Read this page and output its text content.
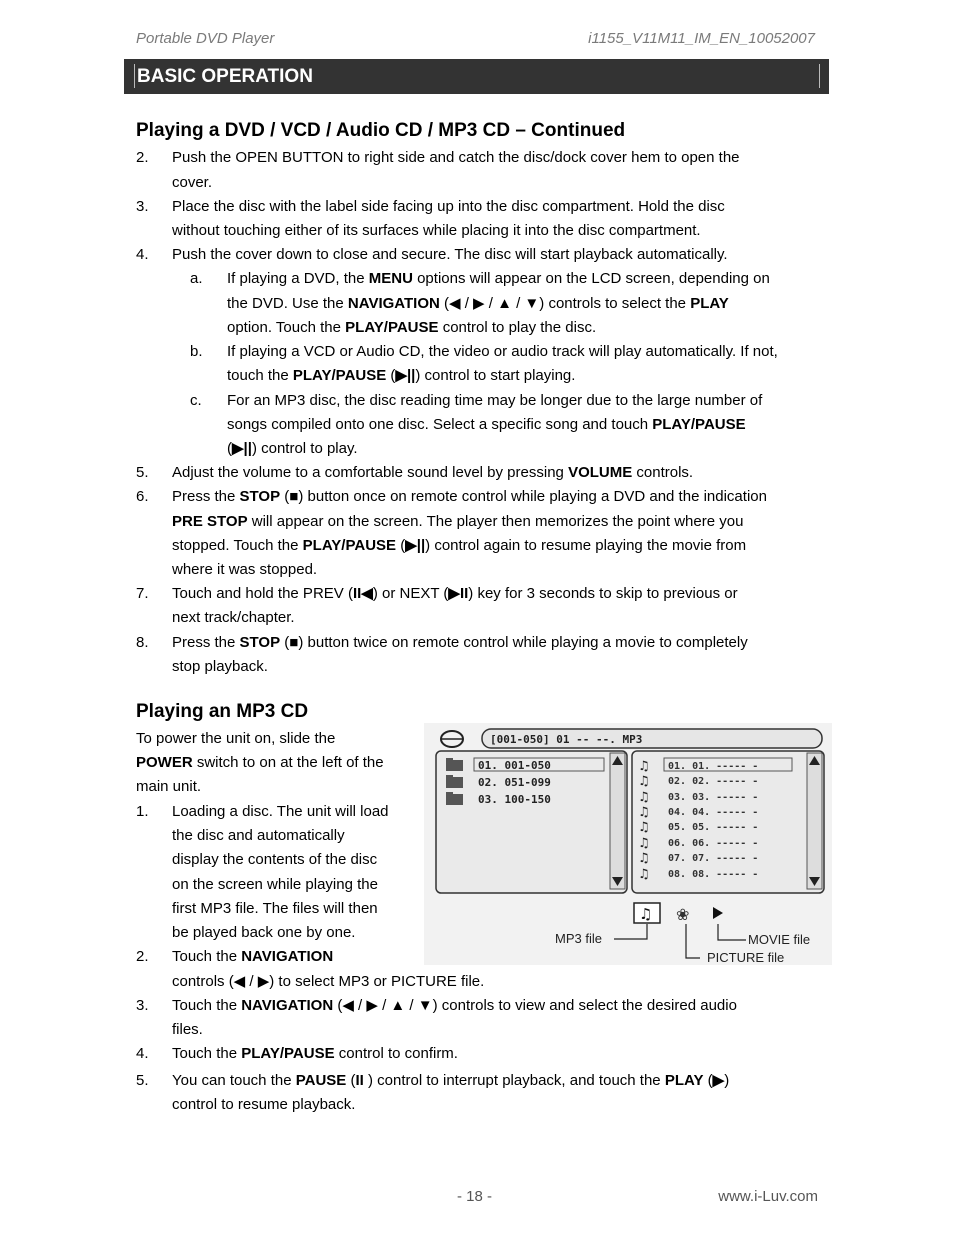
Portable DVD Player	i1155_V11M11_IM_EN_10052007
BASIC OPERATION
Playing a DVD / VCD / Audio CD / MP3 CD – Continued
2. Push the OPEN BUTTON to right side and catch the disc/dock cover hem to open the
cover.
3. Place the disc with the label side facing up into the disc compartment. Hold the disc
without touching either of its surfaces while placing it into the disc compartment.
4. Push the cover down to close and secure. The disc will start playback automatically.
a. If playing a DVD, the MENU options will appear on the LCD screen, depending on
the DVD. Use the NAVIGATION (◀ / ▶ / ▲ / ▼) controls to select the PLAY
option. Touch the PLAY/PAUSE control to play the disc.
b. If playing a VCD or Audio CD, the video or audio track will play automatically. If not,
touch the PLAY/PAUSE (▶||) control to start playing.
c. For an MP3 disc, the disc reading time may be longer due to the large number of
songs compiled onto one disc. Select a specific song and touch PLAY/PAUSE
(▶||) control to play.
5. Adjust the volume to a comfortable sound level by pressing VOLUME controls.
6. Press the STOP (■) button once on remote control while playing a DVD and the indication
PRE STOP will appear on the screen. The player then memorizes the point where you
stopped. Touch the PLAY/PAUSE (▶||) control again to resume playing the movie from
where it was stopped.
7. Touch and hold the PREV (II◀) or NEXT (▶II) key for 3 seconds to skip to previous or
next track/chapter.
8. Press the STOP (■) button twice on remote control while playing a movie to completely
stop playback.
Playing an MP3 CD
To power the unit on, slide the
POWER switch to on at the left of the
main unit.
1. Loading a disc. The unit will load
the disc and automatically
display the contents of the disc
on the screen while playing the
first MP3 file. The files will then
be played back one by one.
2. Touch the NAVIGATION
controls (◀ / ▶) to select MP3 or PICTURE file.
3. Touch the NAVIGATION (◀ / ▶ / ▲ / ▼) controls to view and select the desired audio
files.
4. Touch the PLAY/PAUSE control to confirm.
5. You can touch the PAUSE (II ) control to interrupt playback, and touch the PLAY (▶)
control to resume playback.
[001-050] 01 -- --. MP3
01. 001-050
02. 051-099
03. 100-150
♫
♫
♫
♫
♫
♫
♫
♫
01. 01. ----- -
02. 02. ----- -
03. 03. ----- -
04. 04. ----- -
05. 05. ----- -
06. 06. ----- -
07. 07. ----- -
08. 08. ----- -
♫ ❀
MP3 file	MOVIE file
PICTURE file
- 18 -	www.i-Luv.com
